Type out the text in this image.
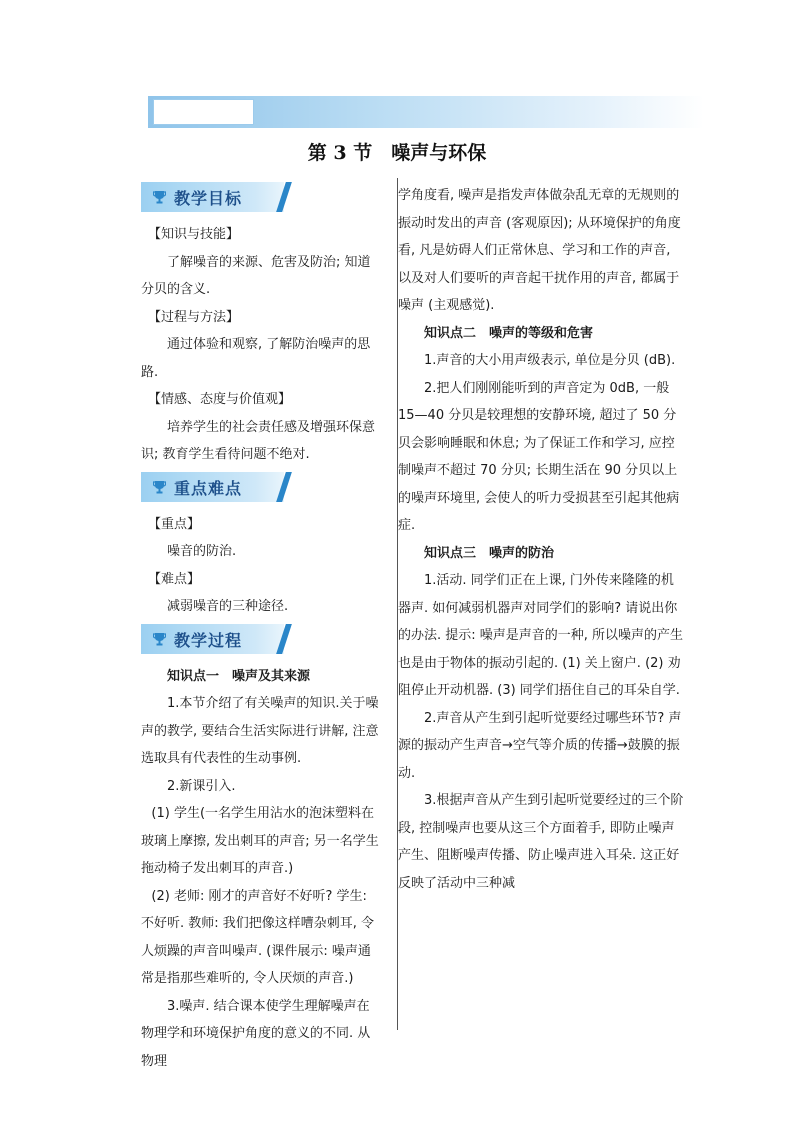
第 3 节　噪声与环保
教学目标

【知识与技能】

了解噪音的来源、危害及防治; 知道分贝的含义.

【过程与方法】

通过体验和观察, 了解防治噪声的思路.

【情感、态度与价值观】

培养学生的社会责任感及增强环保意识; 教育学生看待问题不绝对.

重点难点

【重点】

噪音的防治.

【难点】

减弱噪音的三种途径.

教学过程

知识点一　噪声及其来源

1.本节介绍了有关噪声的知识.关于噪声的教学, 要结合生活实际进行讲解, 注意选取具有代表性的生动事例.

2.新课引入.

(1) 学生(一名学生用沾水的泡沫塑料在玻璃上摩擦, 发出刺耳的声音; 另一名学生拖动椅子发出刺耳的声音.)

(2) 老师: 刚才的声音好不好听? 学生: 不好听. 教师: 我们把像这样嘈杂刺耳, 令人烦躁的声音叫噪声. (课件展示: 噪声通常是指那些难听的, 令人厌烦的声音.)

3.噪声. 结合课本使学生理解噪声在物理学和环境保护角度的意义的不同. 从物理

学角度看, 噪声是指发声体做杂乱无章的无规则的振动时发出的声音 (客观原因); 从环境保护的角度看, 凡是妨碍人们正常休息、学习和工作的声音, 以及对人们要听的声音起干扰作用的声音, 都属于噪声 (主观感觉).

知识点二　噪声的等级和危害

1.声音的大小用声级表示, 单位是分贝 (dB).

2.把人们刚刚能听到的声音定为 0dB, 一般 15—40 分贝是较理想的安静环境, 超过了 50 分贝会影响睡眠和休息; 为了保证工作和学习, 应控制噪声不超过 70 分贝; 长期生活在 90 分贝以上的噪声环境里, 会使人的听力受损甚至引起其他病症.

知识点三　噪声的防治

1.活动. 同学们正在上课, 门外传来隆隆的机器声. 如何减弱机器声对同学们的影响? 请说出你的办法. 提示: 噪声是声音的一种, 所以噪声的产生也是由于物体的振动引起的. (1) 关上窗户. (2) 劝阻停止开动机器. (3) 同学们捂住自己的耳朵自学.

2.声音从产生到引起听觉要经过哪些环节? 声源的振动产生声音→空气等介质的传播→鼓膜的振动.

3.根据声音从产生到引起听觉要经过的三个阶段, 控制噪声也要从这三个方面着手, 即防止噪声产生、阻断噪声传播、防止噪声进入耳朵. 这正好反映了活动中三种减
